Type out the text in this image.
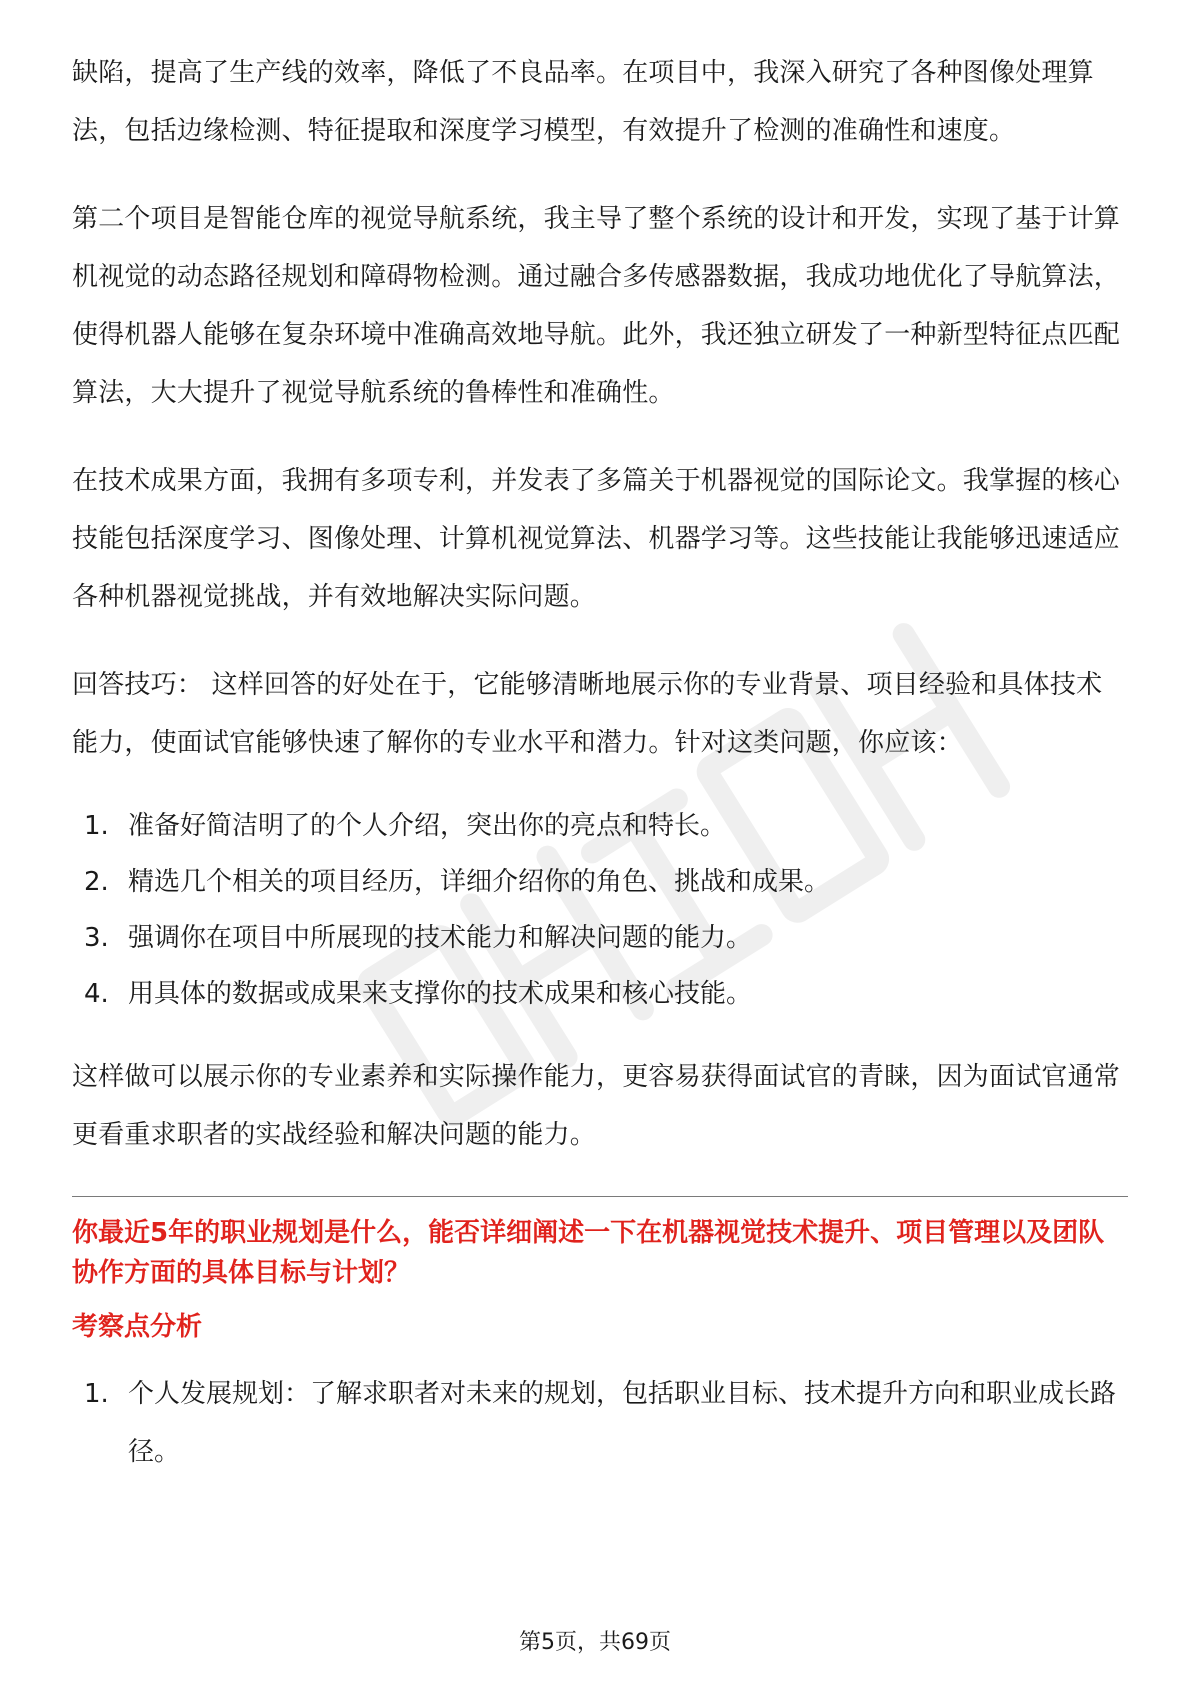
缺陷，提高了生产线的效率，降低了不良品率。在项目中，我深入研究了各种图像处理算法，包括边缘检测、特征提取和深度学习模型，有效提升了检测的准确性和速度。

第二个项目是智能仓库的视觉导航系统，我主导了整个系统的设计和开发，实现了基于计算机视觉的动态路径规划和障碍物检测。通过融合多传感器数据，我成功地优化了导航算法，使得机器人能够在复杂环境中准确高效地导航。此外，我还独立研发了一种新型特征点匹配算法，大大提升了视觉导航系统的鲁棒性和准确性。

在技术成果方面，我拥有多项专利，并发表了多篇关于机器视觉的国际论文。我掌握的核心技能包括深度学习、图像处理、计算机视觉算法、机器学习等。这些技能让我能够迅速适应各种机器视觉挑战，并有效地解决实际问题。

回答技巧： 这样回答的好处在于，它能够清晰地展示你的专业背景、项目经验和具体技术能力，使面试官能够快速了解你的专业水平和潜力。针对这类问题，你应该：

1. 准备好简洁明了的个人介绍，突出你的亮点和特长。
2. 精选几个相关的项目经历，详细介绍你的角色、挑战和成果。
3. 强调你在项目中所展现的技术能力和解决问题的能力。
4. 用具体的数据或成果来支撑你的技术成果和核心技能。

这样做可以展示你的专业素养和实际操作能力，更容易获得面试官的青睐，因为面试官通常更看重求职者的实战经验和解决问题的能力。

你最近5年的职业规划是什么，能否详细阐述一下在机器视觉技术提升、项目管理以及团队协作方面的具体目标与计划？
考察点分析
1. 个人发展规划：了解求职者对未来的规划，包括职业目标、技术提升方向和职业成长路径。
第5页，共69页
